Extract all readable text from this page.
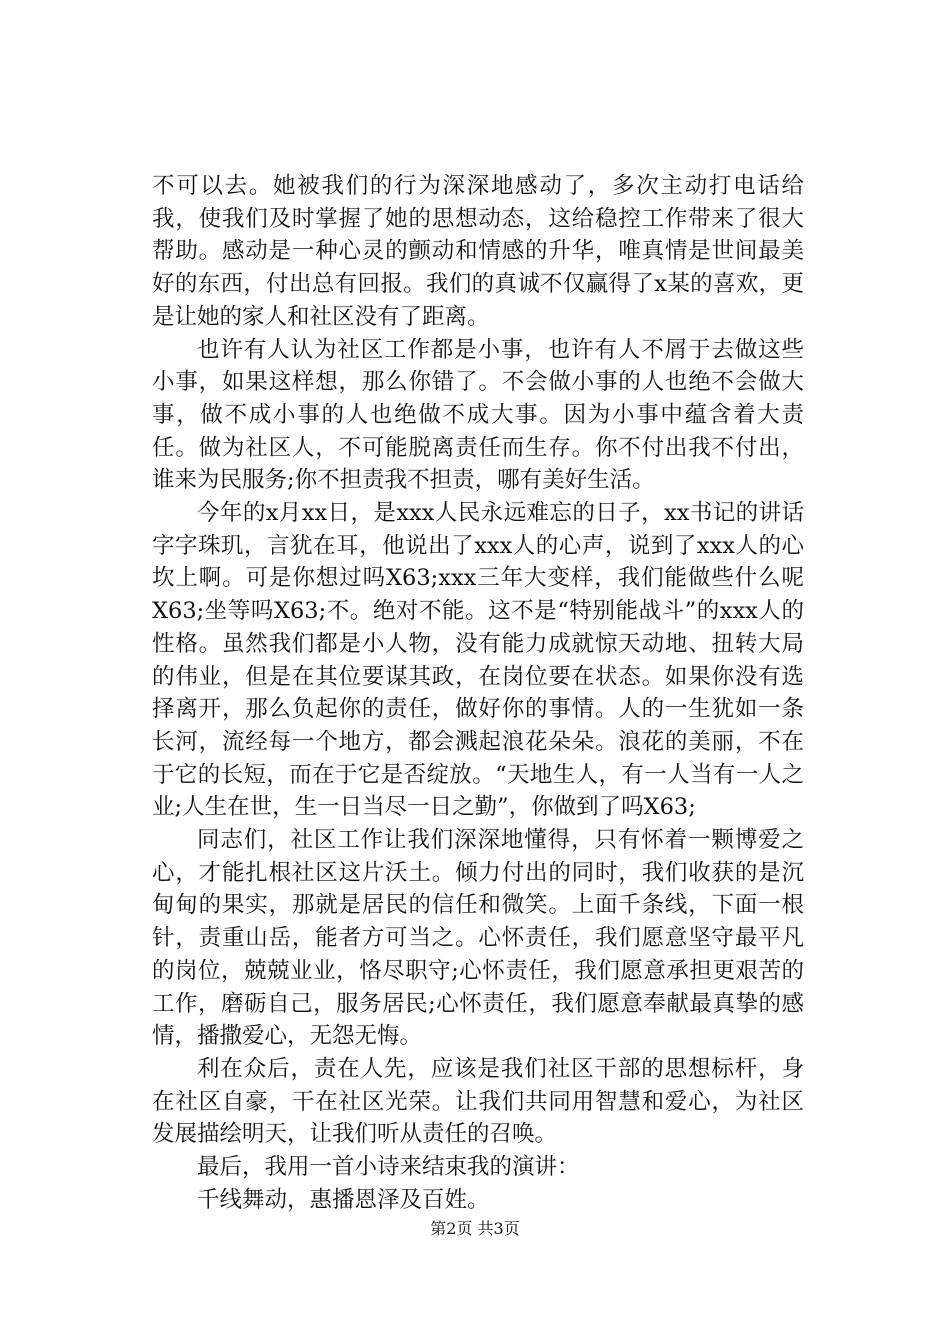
不可以去。她被我们的行为深深地感动了，多次主动打电话给我，使我们及时掌握了她的思想动态，这给稳控工作带来了很大帮助。感动是一种心灵的颤动和情感的升华，唯真情是世间最美好的东西，付出总有回报。我们的真诚不仅赢得了x某的喜欢，更是让她的家人和社区没有了距离。

也许有人认为社区工作都是小事，也许有人不屑于去做这些小事，如果这样想，那么你错了。不会做小事的人也绝不会做大事，做不成小事的人也绝做不成大事。因为小事中蕴含着大责任。做为社区人，不可能脱离责任而生存。你不付出我不付出，谁来为民服务;你不担责我不担责，哪有美好生活。

今年的x月xx日，是xxx人民永远难忘的日子，xx书记的讲话字字珠玑，言犹在耳，他说出了xxx人的心声，说到了xxx人的心坎上啊。可是你想过吗X63;xxx三年大变样，我们能做些什么呢X63;坐等吗X63;不。绝对不能。这不是“特别能战斗”的xxx人的性格。虽然我们都是小人物，没有能力成就惊天动地、扭转大局的伟业，但是在其位要谋其政，在岗位要在状态。如果你没有选择离开，那么负起你的责任，做好你的事情。人的一生犹如一条长河，流经每一个地方，都会溅起浪花朵朵。浪花的美丽，不在于它的长短，而在于它是否绽放。“天地生人，有一人当有一人之业;人生在世，生一日当尽一日之勤”，你做到了吗X63;

同志们，社区工作让我们深深地懂得，只有怀着一颗博爱之心，才能扎根社区这片沃土。倾力付出的同时，我们收获的是沉甸甸的果实，那就是居民的信任和微笑。上面千条线，下面一根针，责重山岳，能者方可当之。心怀责任，我们愿意坚守最平凡的岗位，兢兢业业，恪尽职守;心怀责任，我们愿意承担更艰苦的工作，磨砺自己，服务居民;心怀责任，我们愿意奉献最真挚的感情，播撒爱心，无怨无悔。

利在众后，责在人先，应该是我们社区干部的思想标杆，身在社区自豪，干在社区光荣。让我们共同用智慧和爱心，为社区发展描绘明天，让我们听从责任的召唤。

最后，我用一首小诗来结束我的演讲：

千线舞动，惠播恩泽及百姓。

第2页 共3页
